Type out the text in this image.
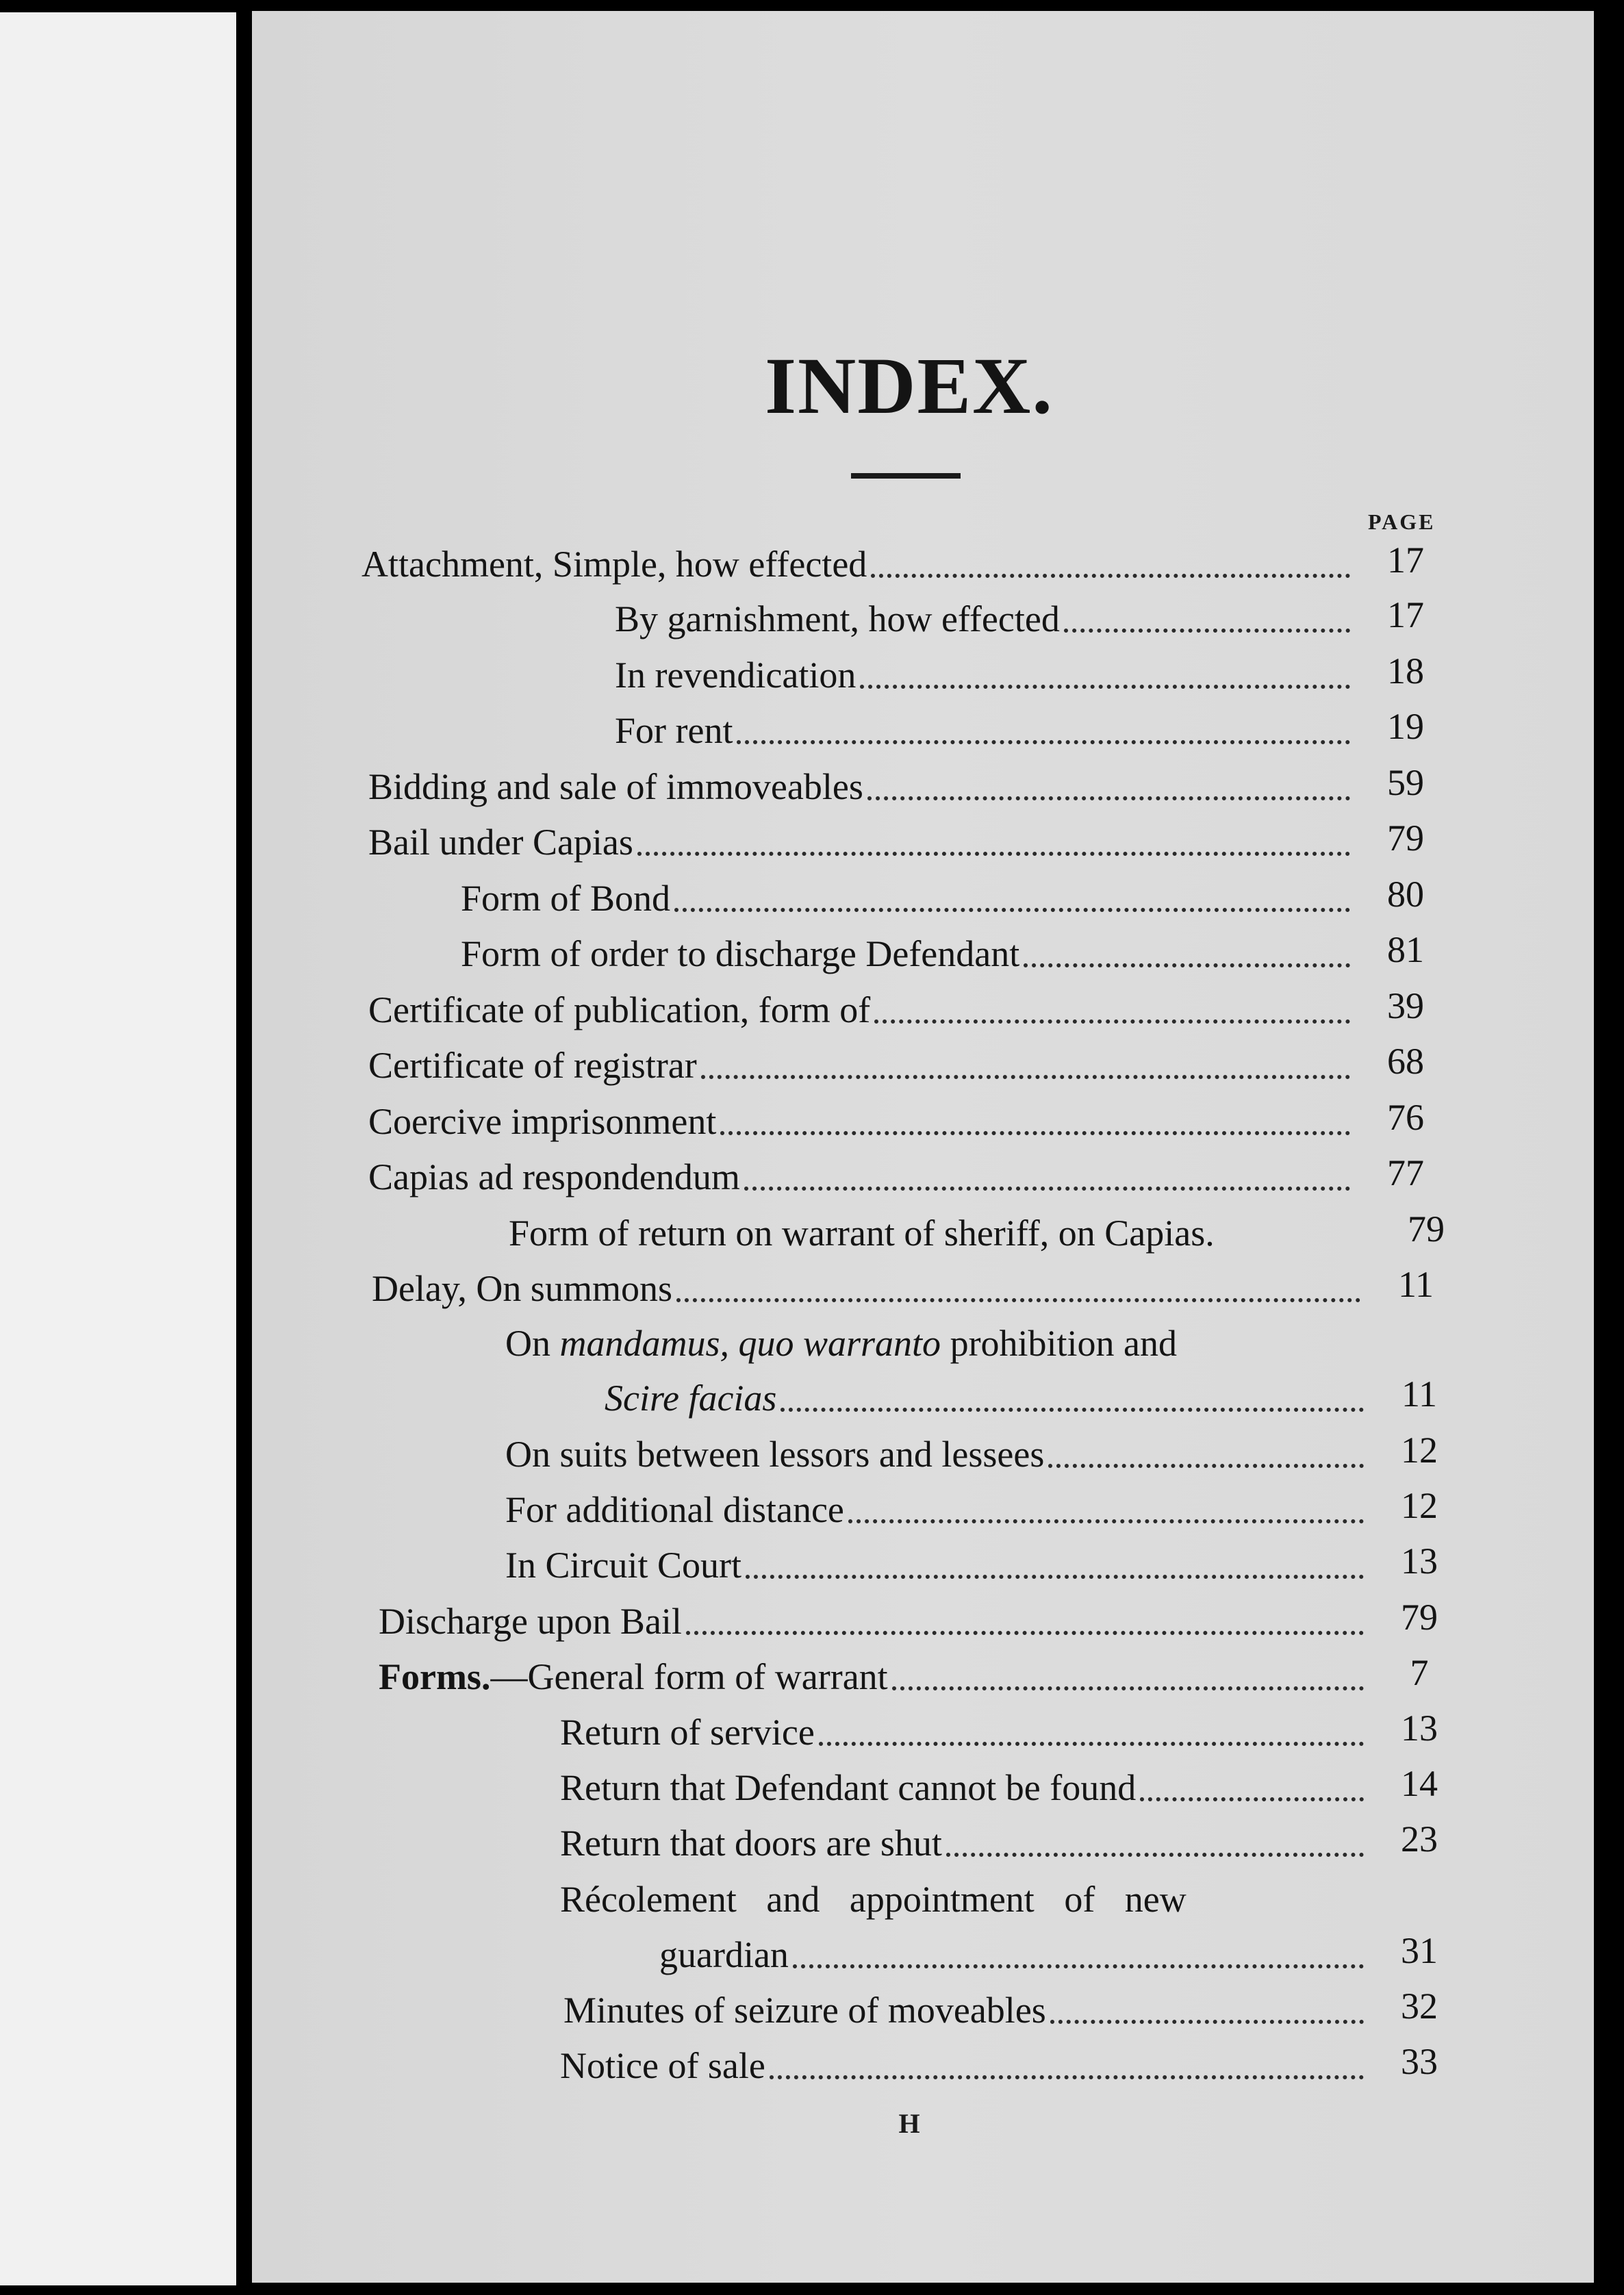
INDEX.
PAGE
Attachment, Simple, how effected	17
By garnishment, how effected	17
In revendication	18
For rent	19
Bidding and sale of immoveables	59
Bail under Capias	79
Form of Bond	80
Form of order to discharge Defendant	81
Certificate of publication, form of	39
Certificate of registrar	68
Coercive imprisonment	76
Capias ad respondendum	77
Form of return on warrant of sheriff, on Capias.	79
Delay, On summons	11
On mandamus, quo warranto prohibition and
Scire facias	11
On suits between lessors and lessees	12
For additional distance	12
In Circuit Court	13
Discharge upon Bail	79
Forms.—General form of warrant	7
Return of service	13
Return that Defendant cannot be found	14
Return that doors are shut	23
Récolement and appointment of new
guardian	31
Minutes of seizure of moveables	32
Notice of sale	33
H
